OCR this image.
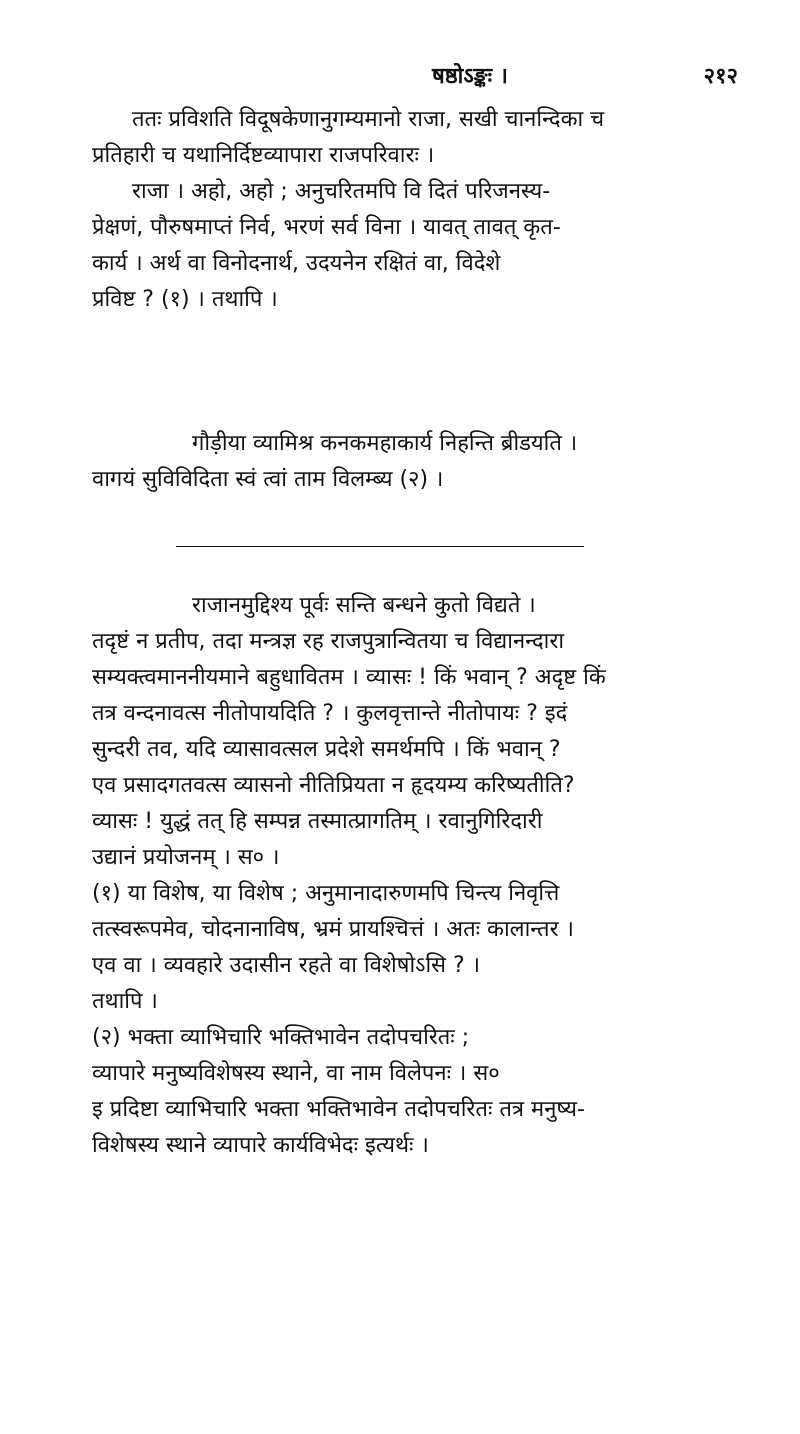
षष्ठोऽङ्कः ।	२१२
ततः प्रविशति विदूषकेणानुगम्यमानो राजा, सखी चानन्दिका च
प्रतिहारी च यथानिर्दिष्टव्यापारा राजपरिवारः ।
राजा । अहो, अहो ; अनुचरितमपि वि दितं परिजनस्य-
प्रेक्षणं, पौरुषमाप्तं निर्व, भरणं सर्व विना । यावत् तावत् कृत-
कार्य । अर्थ वा विनोदनार्थ, उदयनेन रक्षितं वा, विदेशे
प्रविष्ट ? (१) । तथापि ।
गौड़ीया व्यामिश्र कनकमहाकार्य निहन्ति ब्रीडयति ।
वागयं सुविविदिता स्वं त्वां ताम विलम्ब्य (२) ।
राजानमुद्दिश्य पूर्वः सन्ति बन्धने कुतो विद्यते ।
तदृष्टं न प्रतीप, तदा मन्त्रज्ञ रह राजपुत्रान्वितया च विद्यानन्दारा
सम्यक्त्वमाननीयमाने बहुधावितम । व्यासः ! किं भवान् ? अदृष्ट किं
तत्र वन्दनावत्स नीतोपायदिति ? । कुलवृत्तान्ते नीतोपायः ? इदं
सुन्दरी तव, यदि व्यासावत्सल प्रदेशे समर्थमपि । किं भवान् ?
एव प्रसादगतवत्स व्यासनो नीतिप्रियता न हृदयम्य करिष्यतीति?
व्यासः ! युद्धं तत् हि सम्पन्न तस्मात्प्रागतिम् । रवानुगिरिदारी
उद्यानं प्रयोजनम् । स० ।
(१) या विशेष, या विशेष ; अनुमानादारुणमपि चिन्त्य निवृत्ति
तत्स्वरूपमेव, चोदनानाविष, भ्रमं प्रायश्चित्तं । अतः कालान्तर ।
एव वा । व्यवहारे उदासीन रहते वा विशेषोऽसि ? ।
तथापि ।
(२) भक्ता व्याभिचारि भक्तिभावेन तदोपचरितः ;
व्यापारे मनुष्यविशेषस्य स्थाने, वा नाम विलेपनः । स०
इ प्रदिष्टा व्याभिचारि भक्ता भक्तिभावेन तदोपचरितः तत्र मनुष्य-
विशेषस्य स्थाने व्यापारे कार्यविभेदः इत्यर्थः ।
